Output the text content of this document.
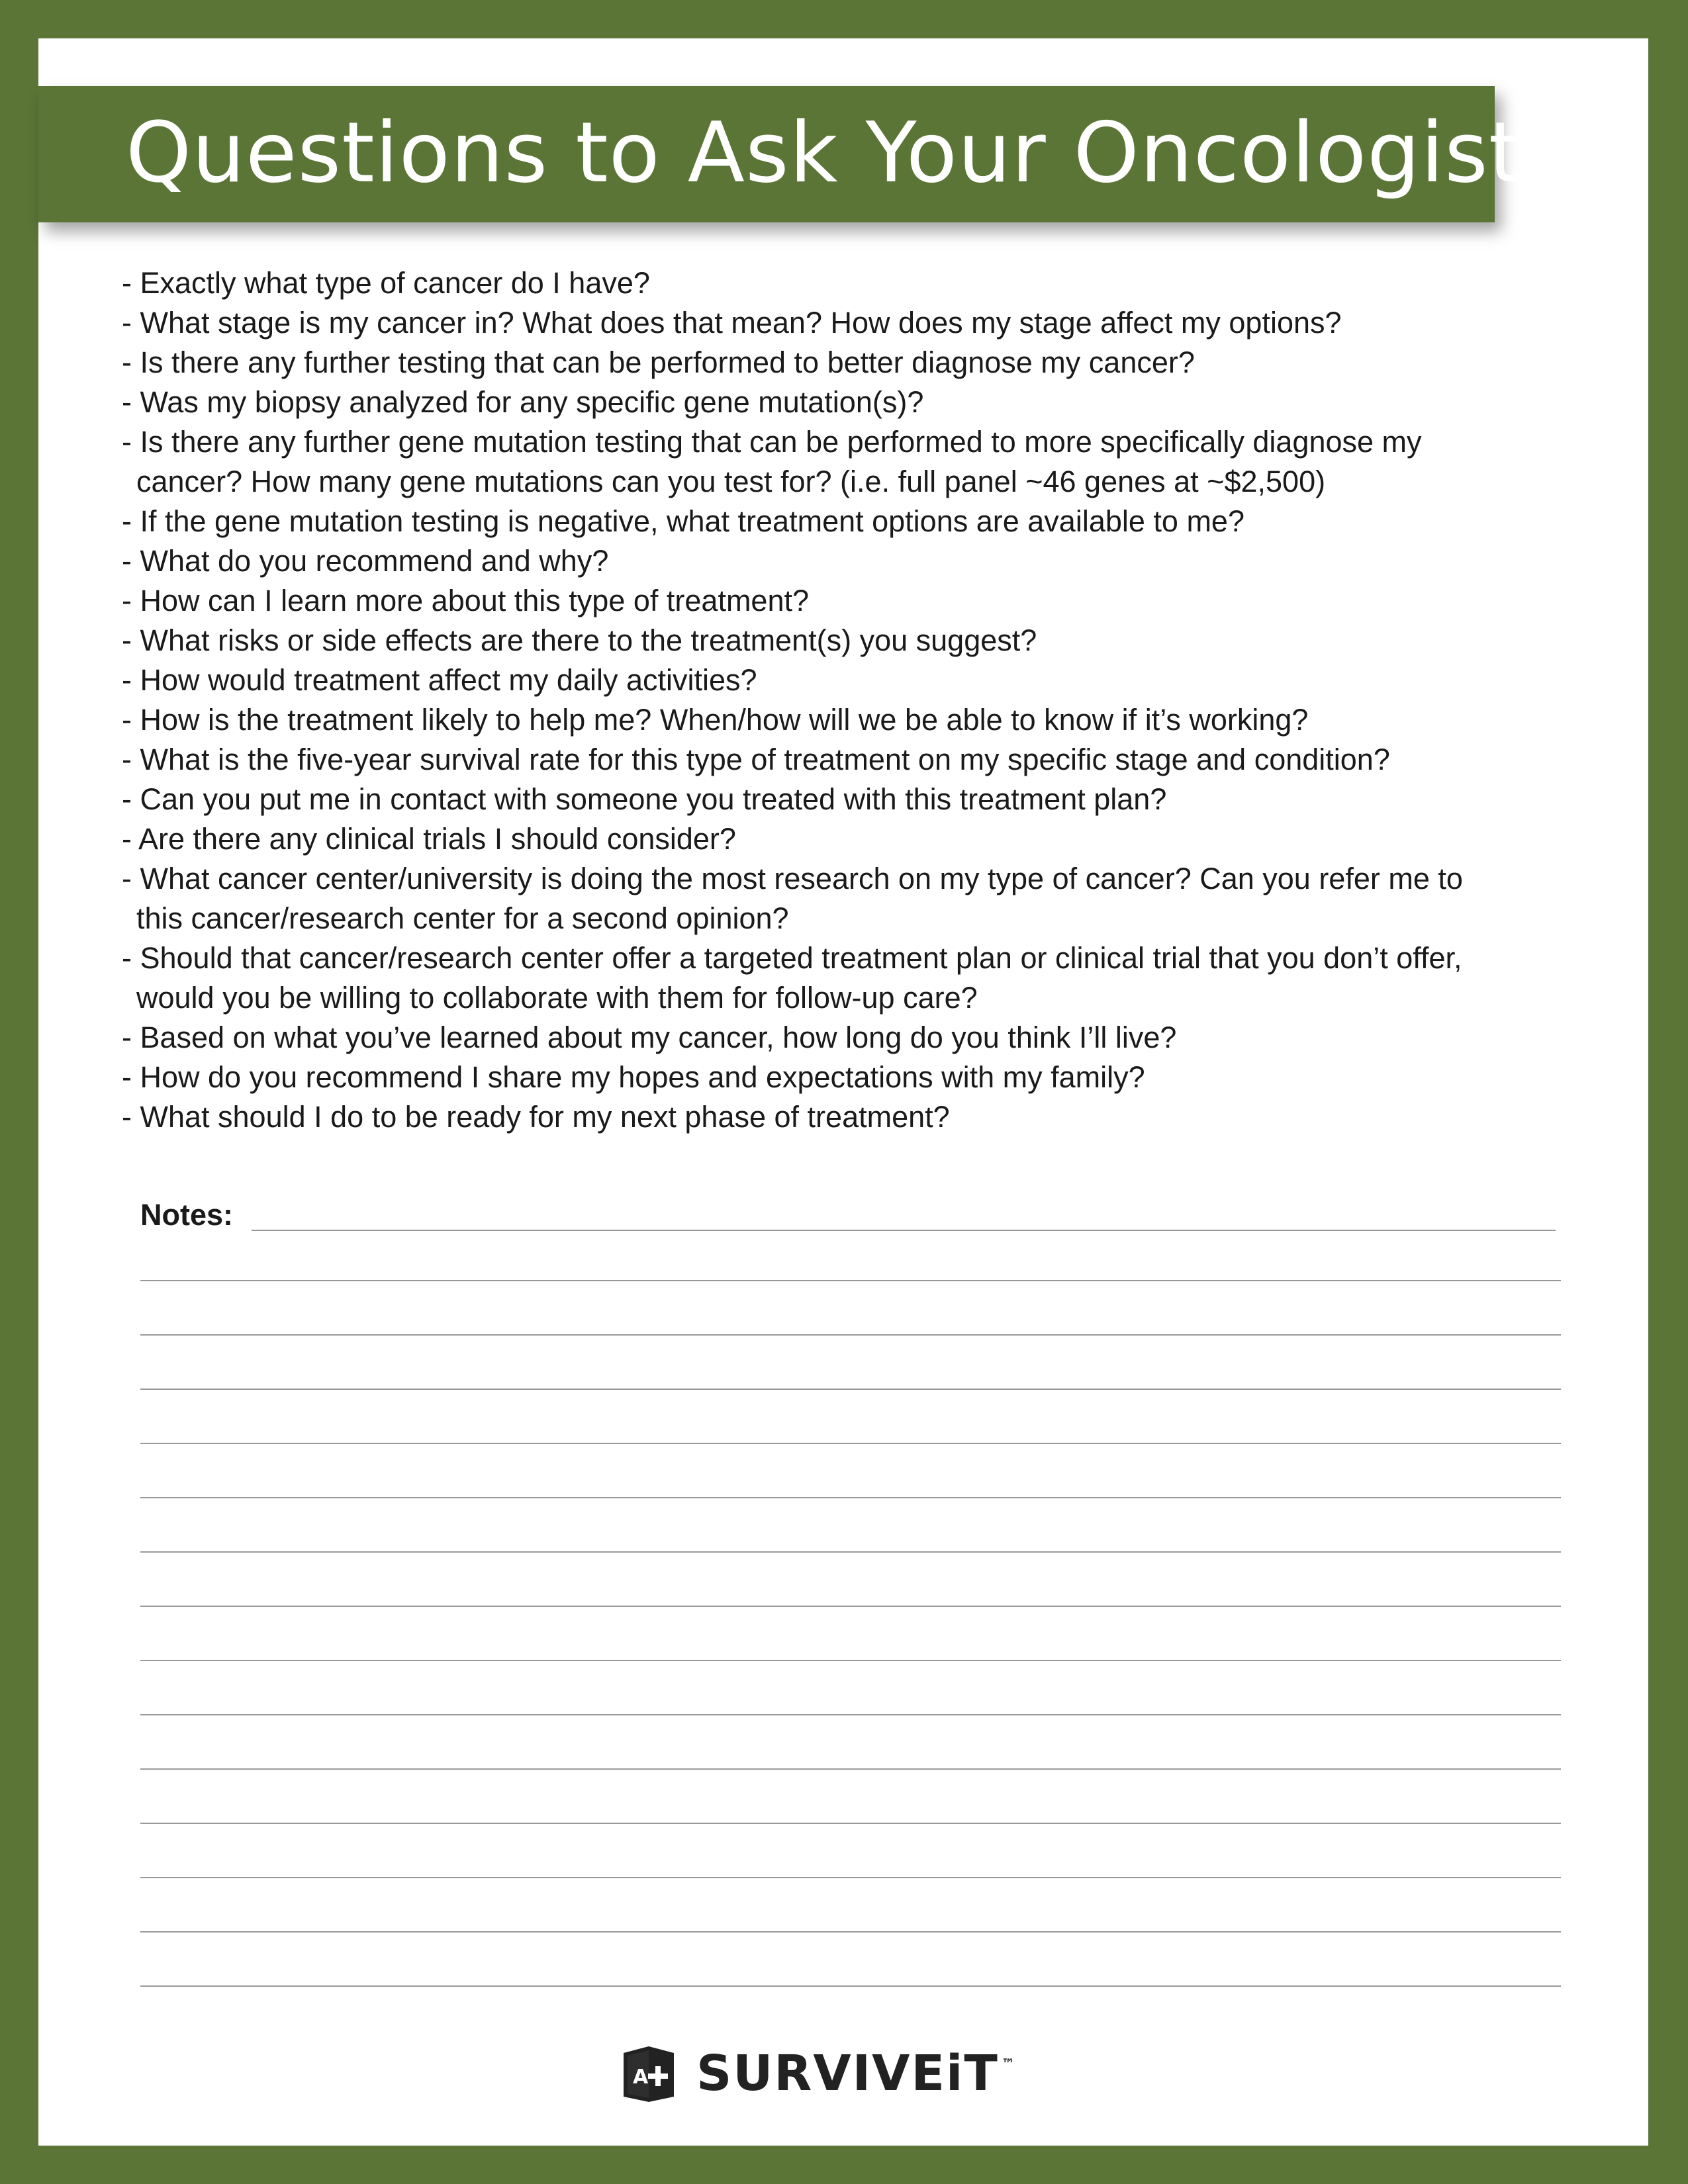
Questions to Ask Your Oncologist
- Exactly what type of cancer do I have?
- What stage is my cancer in? What does that mean? How does my stage affect my options?
- Is there any further testing that can be performed to better diagnose my cancer?
- Was my biopsy analyzed for any specific gene mutation(s)?
- Is there any further gene mutation testing that can be performed to more specifically diagnose my
cancer? How many gene mutations can you test for? (i.e. full panel ~46 genes at ~$2,500)
- If the gene mutation testing is negative, what treatment options are available to me?
- What do you recommend and why?
- How can I learn more about this type of treatment?
- What risks or side effects are there to the treatment(s) you suggest?
- How would treatment affect my daily activities?
- How is the treatment likely to help me? When/how will we be able to know if it’s working?
- What is the five-year survival rate for this type of treatment on my specific stage and condition?
- Can you put me in contact with someone you treated with this treatment plan?
- Are there any clinical trials I should consider?
- What cancer center/university is doing the most research on my type of cancer? Can you refer me to
this cancer/research center for a second opinion?
- Should that cancer/research center offer a targeted treatment plan or clinical trial that you don’t offer,
would you be willing to collaborate with them for follow-up care?
- Based on what you’ve learned about my cancer, how long do you think I’ll live?
- How do you recommend I share my hopes and expectations with my family?
- What should I do to be ready for my next phase of treatment?
Notes:
A SURVIVEiT ™
